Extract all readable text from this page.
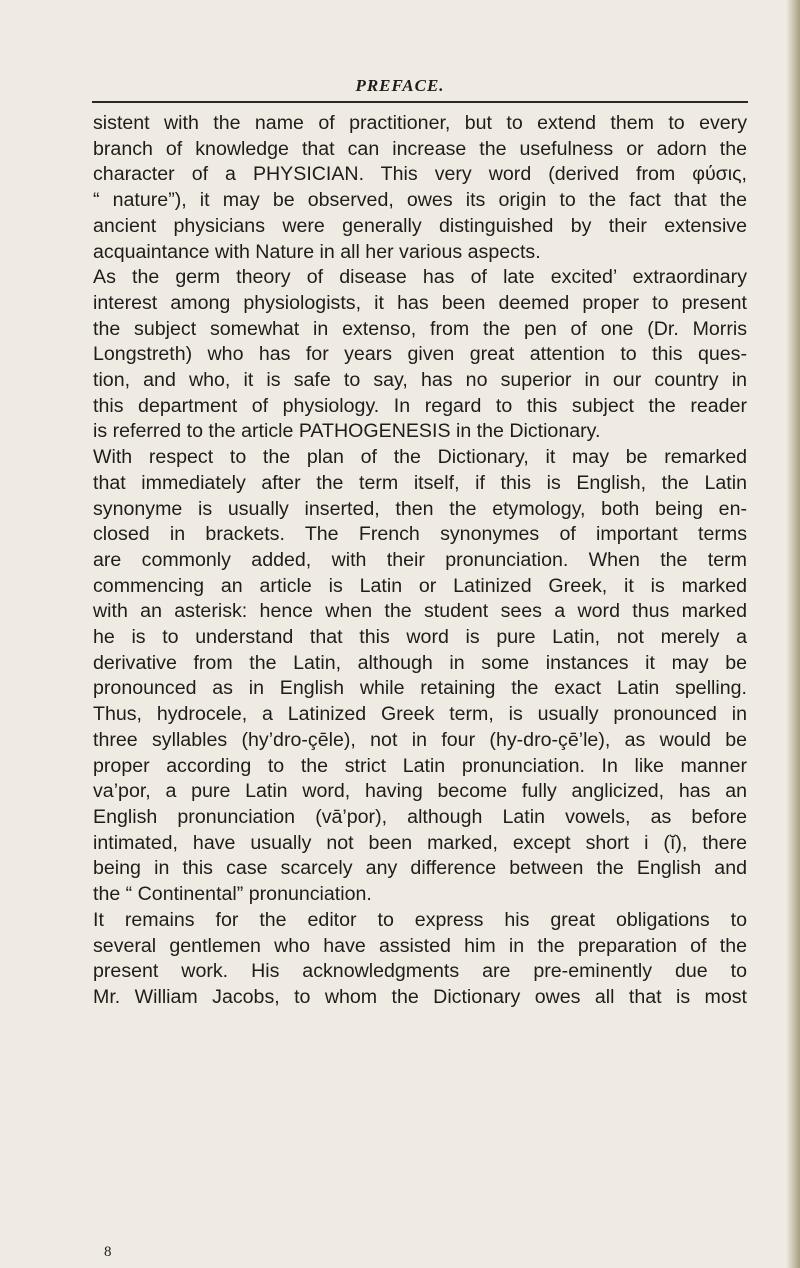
PREFACE.

sistent with the name of practitioner, but to extend them to every

branch of knowledge that can increase the usefulness or adorn the

character of a PHYSICIAN. This very word (derived from φύσις,

“ nature”), it may be observed, owes its origin to the fact that the

ancient physicians were generally distinguished by their extensive

acquaintance with Nature in all her various aspects.

As the germ theory of disease has of late excited’ extraordinary

interest among physiologists, it has been deemed proper to present

the subject somewhat in extenso, from the pen of one (Dr. Morris

Longstreth) who has for years given great attention to this ques-

tion, and who, it is safe to say, has no superior in our country in

this department of physiology. In regard to this subject the reader

is referred to the article PATHOGENESIS in the Dictionary.

With respect to the plan of the Dictionary, it may be remarked

that immediately after the term itself, if this is English, the Latin

synonyme is usually inserted, then the etymology, both being en-

closed in brackets. The French synonymes of important terms

are commonly added, with their pronunciation. When the term

commencing an article is Latin or Latinized Greek, it is marked

with an asterisk: hence when the student sees a word thus marked

he is to understand that this word is pure Latin, not merely a

derivative from the Latin, although in some instances it may be

pronounced as in English while retaining the exact Latin spelling.

Thus, hydrocele, a Latinized Greek term, is usually pronounced in

three syllables (hy’dro-çēle), not in four (hy-dro-çē’le), as would be

proper according to the strict Latin pronunciation. In like manner

va’por, a pure Latin word, having become fully anglicized, has an

English pronunciation (vā’por), although Latin vowels, as before

intimated, have usually not been marked, except short i (ĭ), there

being in this case scarcely any difference between the English and

the “ Continental” pronunciation.

It remains for the editor to express his great obligations to

several gentlemen who have assisted him in the preparation of the

present work. His acknowledgments are pre-eminently due to

Mr. William Jacobs, to whom the Dictionary owes all that is most

8
